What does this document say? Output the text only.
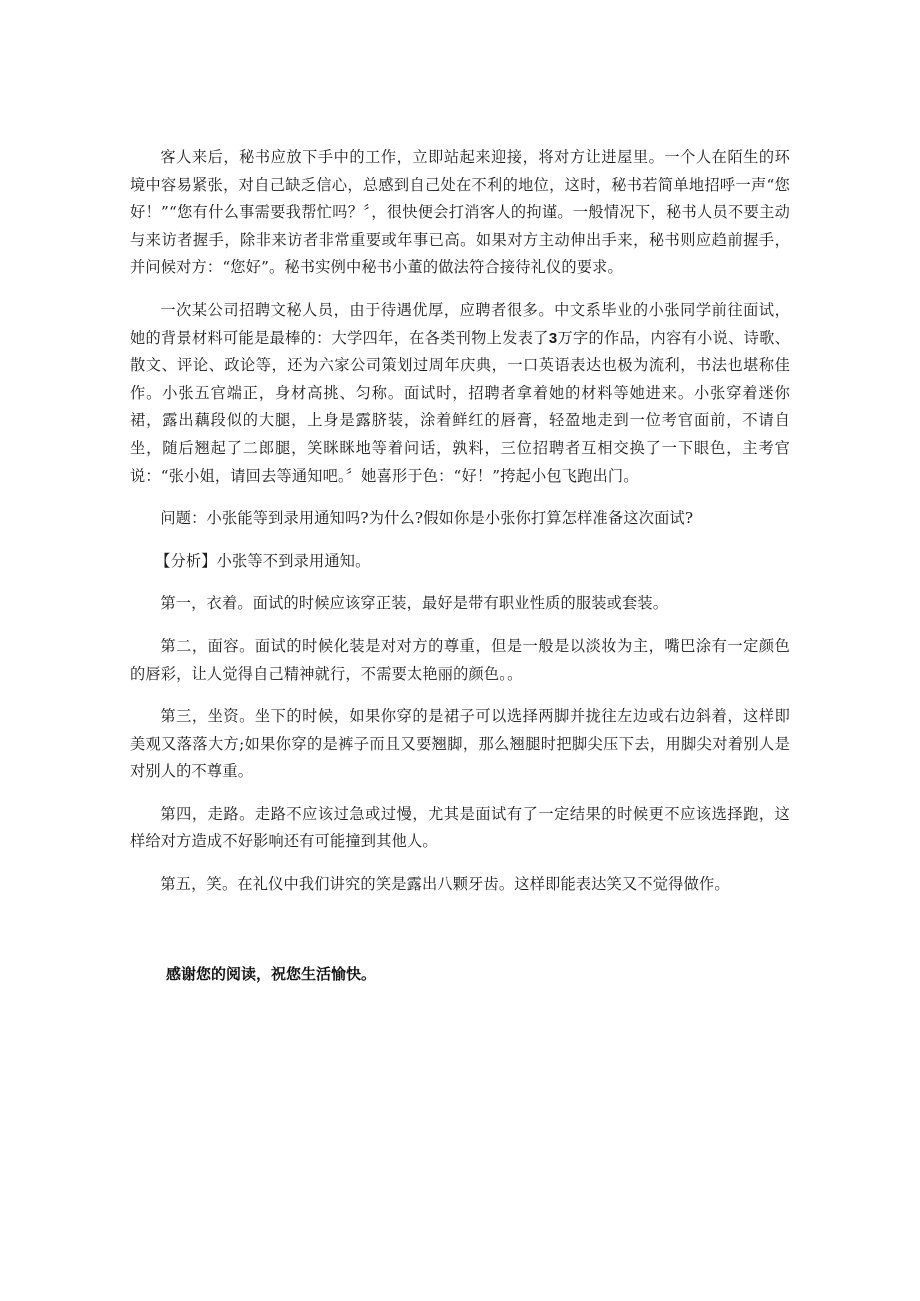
客人来后，秘书应放下手中的工作，立即站起来迎接，将对方让进屋里。一个人在陌生的环境中容易紧张，对自己缺乏信心，总感到自己处在不利的地位，这时，秘书若简单地招呼一声“您好！”“您有什么事需要我帮忙吗？〞，很快便会打消客人的拘谨。一般情况下，秘书人员不要主动与来访者握手，除非来访者非常重要或年事已高。如果对方主动伸出手来，秘书则应趋前握手，并问候对方：“您好”。秘书实例中秘书小董的做法符合接待礼仪的要求。

一次某公司招聘文秘人员，由于待遇优厚，应聘者很多。中文系毕业的小张同学前往面试，她的背景材料可能是最棒的：大学四年，在各类刊物上发表了3万字的作品，内容有小说、诗歌、散文、评论、政论等，还为六家公司策划过周年庆典，一口英语表达也极为流利，书法也堪称佳作。小张五官端正，身材高挑、匀称。面试时，招聘者拿着她的材料等她进来。小张穿着迷你裙，露出藕段似的大腿，上身是露脐装，涂着鲜红的唇膏，轻盈地走到一位考官面前，不请自坐，随后翘起了二郎腿，笑眯眯地等着问话，孰料，三位招聘者互相交换了一下眼色，主考官说：“张小姐，请回去等通知吧。〞她喜形于色：“好！”挎起小包飞跑出门。

问题：小张能等到录用通知吗?为什么?假如你是小张你打算怎样准备这次面试?

【分析】小张等不到录用通知。

第一，衣着。面试的时候应该穿正装，最好是带有职业性质的服装或套装。

第二，面容。面试的时候化装是对对方的尊重，但是一般是以淡妆为主，嘴巴涂有一定颜色的唇彩，让人觉得自己精神就行，不需要太艳丽的颜色。。

第三，坐资。坐下的时候，如果你穿的是裙子可以选择两脚并拢往左边或右边斜着，这样即美观又落落大方;如果你穿的是裤子而且又要翘脚，那么翘腿时把脚尖压下去，用脚尖对着别人是对别人的不尊重。

第四，走路。走路不应该过急或过慢，尤其是面试有了一定结果的时候更不应该选择跑，这样给对方造成不好影响还有可能撞到其他人。

第五，笑。在礼仪中我们讲究的笑是露出八颗牙齿。这样即能表达笑又不觉得做作。

感谢您的阅读，祝您生活愉快。
